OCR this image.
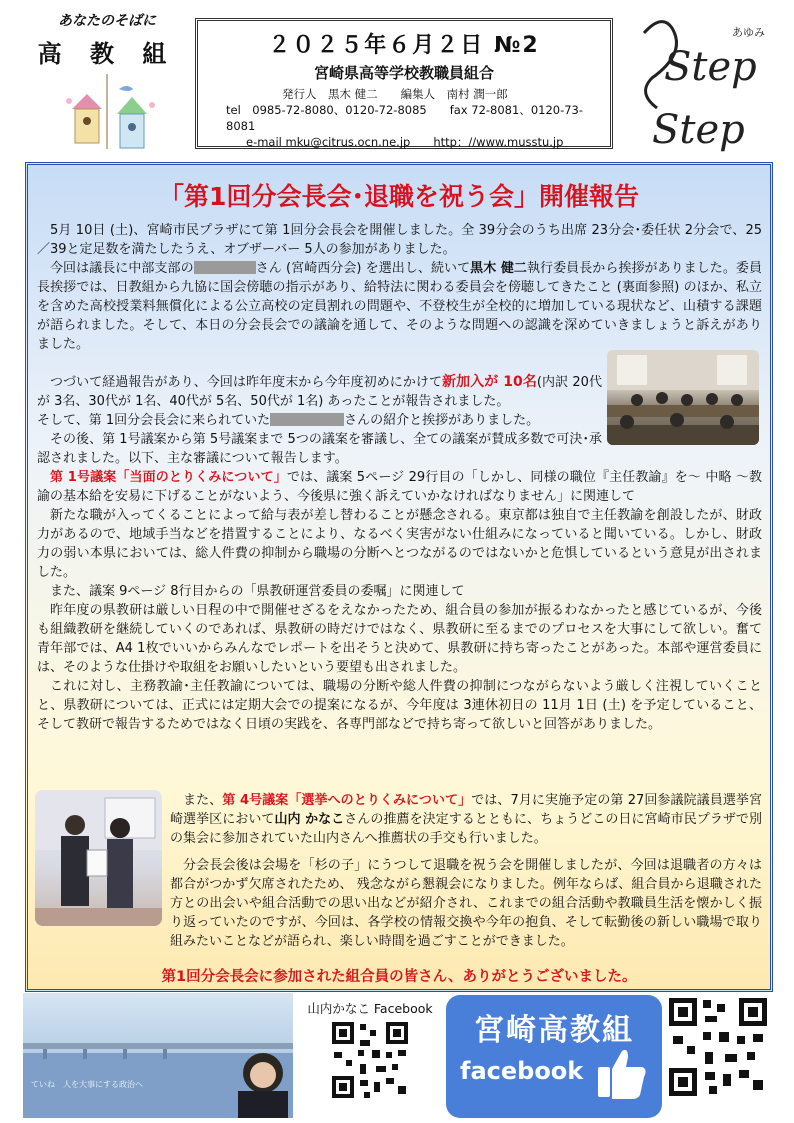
あなたのそばに
高 教 組	２０２５年６月２日 №2
宮崎県高等学校教職員組合
発行人　黒木 健二　　編集人　南村 潤一郎
tel　0985-72-8080、0120-72-8085　　fax 72-8081、0120-73-8081
e-mail mku@citrus.ocn.ne.jp　　http：//www.musstu.jp
Step
Step
あゆみ
「第1回分会長会･退職を祝う会」開催報告

5月 10日 (土)、宮崎市民プラザにて第 1回分会長会を開催しました。全 39分会のうち出席 23分会･委任状 2分会で、25／39と定足数を満たしたうえ、オブザーバー 5人の参加がありました。

今回は議長に中部支部の	さん (宮崎西分会) を選出し、続いて黒木 健二執行委員長から挨拶がありました。委員長挨拶では、日教組から九協に国会傍聴の指示があり、給特法に関わる委員会を傍聴してきたこと (裏面参照) のほか、私立を含めた高校授業料無償化による公立高校の定員割れの問題や、不登校生が全校的に増加している現状など、山積する課題が語られました。そして、本日の分会長会での議論を通して、そのような問題への認識を深めていきましょうと訴えがありました。

つづいて経過報告があり、今回は昨年度末から今年度初めにかけて新加入が 10名(内訳 20代が 3名、30代が 1名、40代が 5名、50代が 1名) あったことが報告されました。

そして、第 1回分会長会に来られていた	さんの紹介と挨拶がありました。

その後、第 1号議案から第 5号議案まで 5つの議案を審議し、全ての議案が賛成多数で可決･承認されました。以下、主な審議について報告します。

第 1号議案「当面のとりくみについて」では、議案 5ページ 29行目の「しかし、同様の職位『主任教諭』を～ 中略 ～教諭の基本給を安易に下げることがないよう、今後県に強く訴えていかなければなりません」に関連して

新たな職が入ってくることによって給与表が差し替わることが懸念される。東京都は独自で主任教諭を創設したが、財政力があるので、地域手当などを措置することにより、なるべく実害がない仕組みになっていると聞いている。しかし、財政力の弱い本県においては、総人件費の抑制から職場の分断へとつながるのではないかと危惧しているという意見が出されました。

また、議案 9ページ 8行目からの「県教研運営委員の委嘱」に関連して

昨年度の県教研は厳しい日程の中で開催せざるをえなかったため、組合員の参加が振るわなかったと感じているが、今後も組織教研を継続していくのであれば、県教研の時だけではなく、県教研に至るまでのプロセスを大事にして欲しい。奮て青年部では、A4 1枚でいいからみんなでレポートを出そうと決めて、県教研に持ち寄ったことがあった。本部や運営委員には、そのような仕掛けや取組をお願いしたいという要望も出されました。

これに対し、主務教諭･主任教諭については、職場の分断や総人件費の抑制につながらないよう厳しく注視していくことと、県教研については、正式には定期大会での提案になるが、今年度は 3連休初日の 11月 1日 (土) を予定していること、そして教研で報告するためではなく日頃の実践を、各専門部などで持ち寄って欲しいと回答がありました。

また、第 4号議案「選挙へのとりくみについて」では、7月に実施予定の第 27回参議院議員選挙宮崎選挙区において山内 かなこさんの推薦を決定するとともに、ちょうどこの日に宮崎市民プラザで別の集会に参加されていた山内さんへ推薦状の手交も行いました。

分会長会後は会場を「杉の子」にうつして退職を祝う会を開催しましたが、今回は退職者の方々は都合がつかず欠席されたため、 残念ながら懇親会になりました。例年ならば、組合員から退職された方との出会いや組合活動での思い出などが紹介され、これまでの組合活動や教職員生活を懐かしく振り返っていたのですが、今回は、各学校の情報交換や今年の抱負、そして転勤後の新しい職場で取り組みたいことなどが語られ、楽しい時間を過ごすことができました。

第1回分会長会に参加された組合員の皆さん、ありがとうございました。
ていね　人を大事にする政治へ
山内かなこ Facebook
宮崎高教組
facebook
